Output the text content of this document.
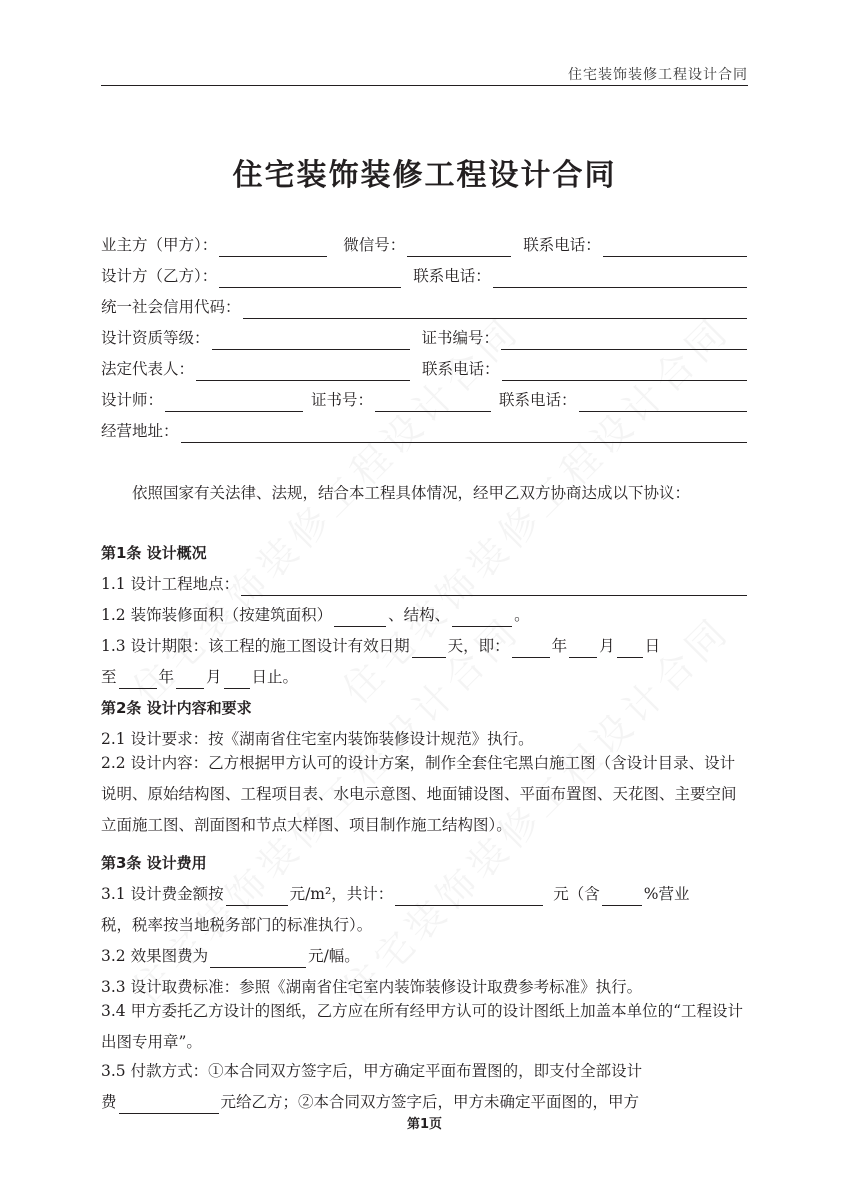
住宅装饰装修工程设计合同
住宅装饰装修工程设计合同
业主方（甲方）：	微信号：	联系电话：
设计方（乙方）：	联系电话：
统一社会信用代码：
设计资质等级：	证书编号：
法定代表人：	联系电话：
设计师：	证书号：	联系电话：
经营地址：
依照国家有关法律、法规，结合本工程具体情况，经甲乙双方协商达成以下协议：
第1条 设计概况
1.1 设计工程地点：
1.2 装饰装修面积（按建筑面积）	、结构、	。
1.3 设计期限：该工程的施工图设计有效日期 天，即：	年 月 日
至	年 月 日止。
第2条 设计内容和要求
2.1 设计要求：按《湖南省住宅室内装饰装修设计规范》执行。
2.2 设计内容：乙方根据甲方认可的设计方案，制作全套住宅黑白施工图（含设计目录、设计说明、原始结构图、工程项目表、水电示意图、地面铺设图、平面布置图、天花图、主要空间立面施工图、剖面图和节点大样图、项目制作施工结构图）。
第3条 设计费用
3.1 设计费金额按	元/m²，共计：	元（含	%营业
税，税率按当地税务部门的标准执行）。
3.2 效果图费为	元/幅。
3.3 设计取费标准：参照《湖南省住宅室内装饰装修设计取费参考标准》执行。
3.4 甲方委托乙方设计的图纸，乙方应在所有经甲方认可的设计图纸上加盖本单位的“工程设计出图专用章”。
3.5 付款方式：①本合同双方签字后，甲方确定平面布置图的，即支付全部设计
费	元给乙方；②本合同双方签字后，甲方未确定平面图的，甲方
第1页
